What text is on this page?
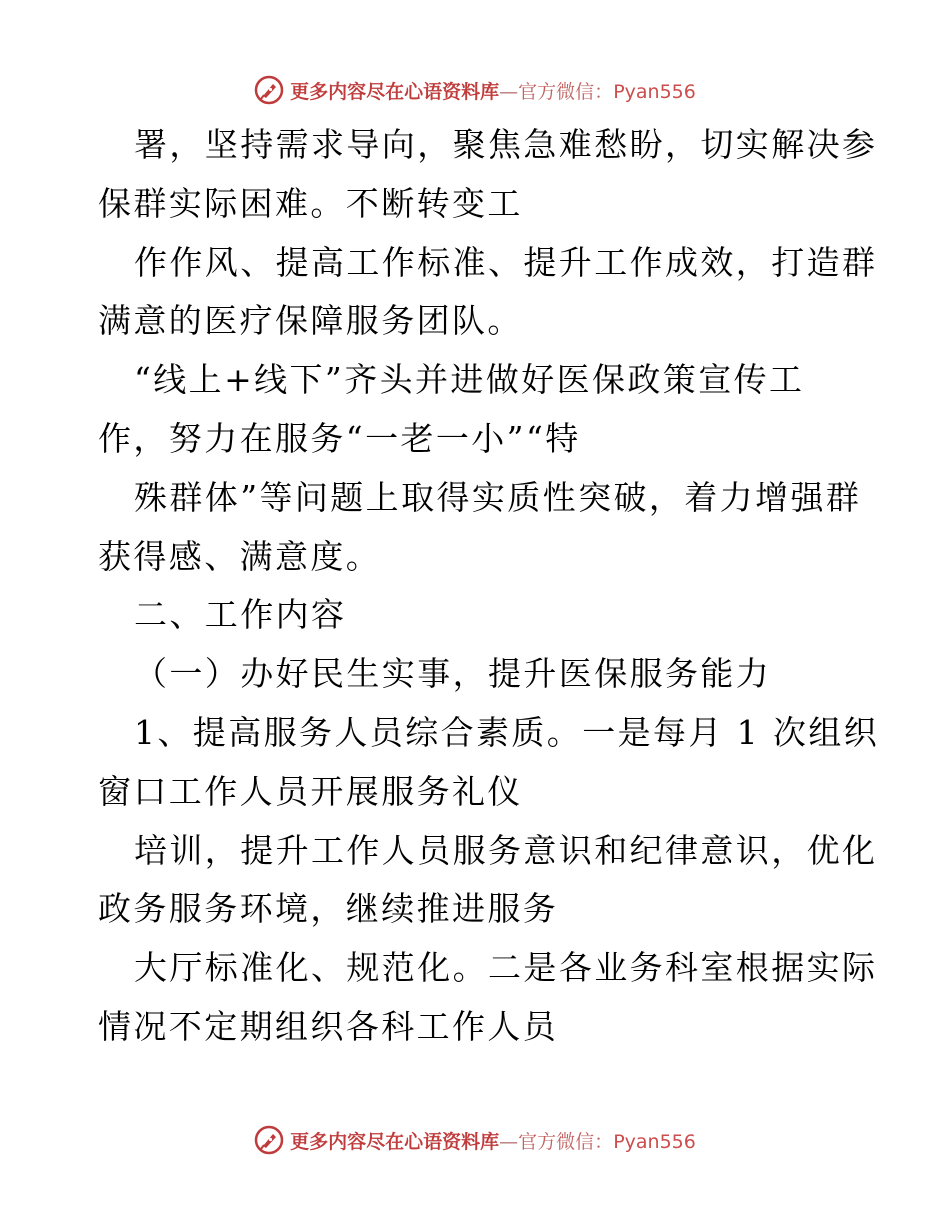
更多内容尽在心语资料库—官方微信：Pyan556
署，坚持需求导向，聚焦急难愁盼，切实解决参
保群实际困难。不断转变工
作作风、提高工作标准、提升工作成效，打造群
满意的医疗保障服务团队。
“线上+线下”齐头并进做好医保政策宣传工
作，努力在服务“一老一小”“特
殊群体”等问题上取得实质性突破，着力增强群
获得感、满意度。
二、工作内容
（一）办好民生实事，提升医保服务能力
1、提高服务人员综合素质。一是每月 1 次组织
窗口工作人员开展服务礼仪
培训，提升工作人员服务意识和纪律意识，优化
政务服务环境，继续推进服务
大厅标准化、规范化。二是各业务科室根据实际
情况不定期组织各科工作人员
更多内容尽在心语资料库—官方微信：Pyan556
